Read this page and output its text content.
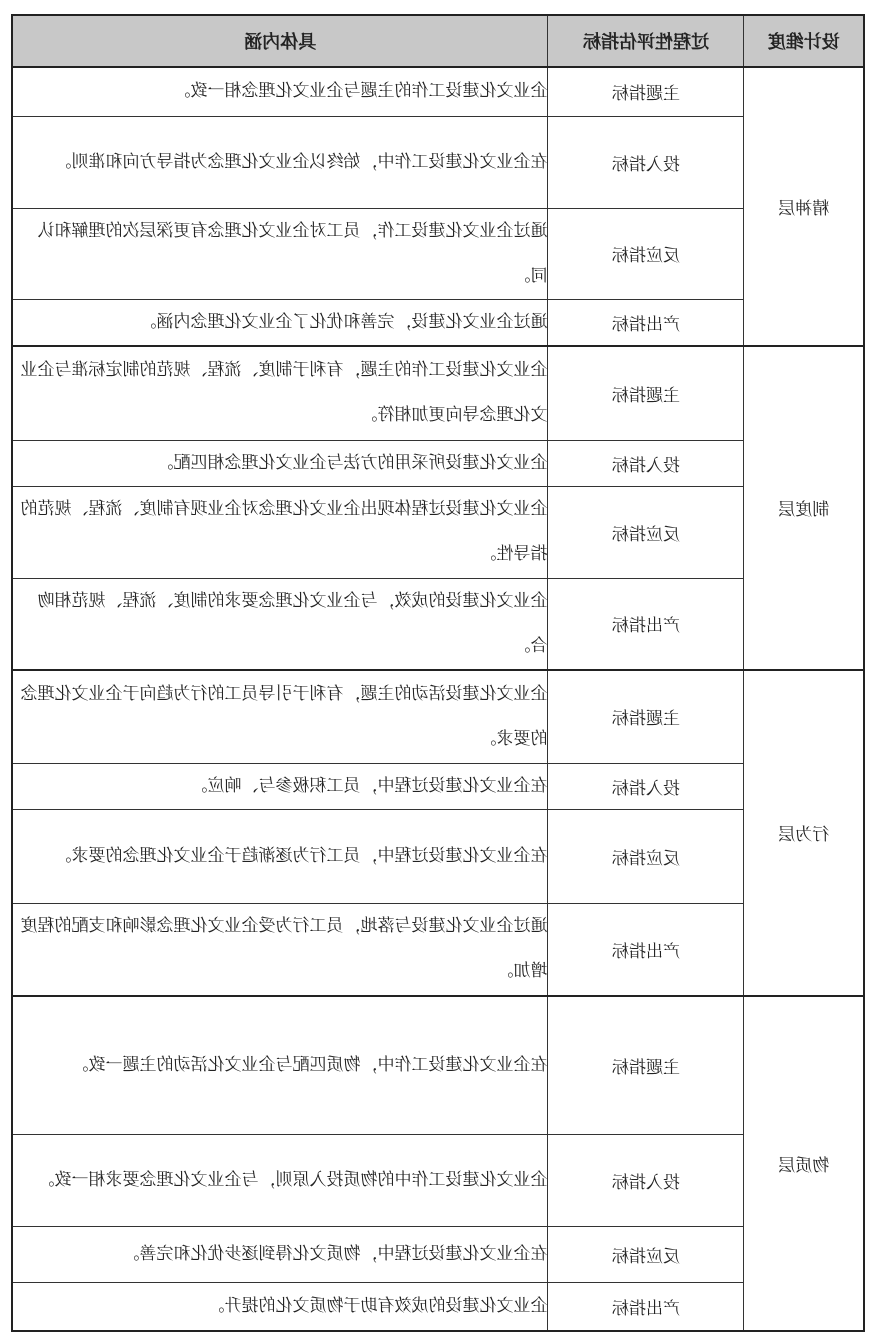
设计维度	过程性评估指标	具体内涵
精神层	主题指标	企业文化建设工作的主题与企业文化理念相一致。
	投入指标	在企业文化建设工作中，始终以企业文化理念为指导方向和准则。
	反应指标	通过企业文化建设工作，员工对企业文化理念有更深层次的理解和认同。
	产出指标	通过企业文化建设，完善和优化了企业文化理念内涵。
制度层	主题指标	企业文化建设工作的主题，有利于制度、流程、规范的制定标准与企业文化理念导向更加相符。
	投入指标	企业文化建设所采用的方法与企业文化理念相匹配。
	反应指标	企业文化建设过程体现出企业文化理念对企业现有制度、流程、规范的指导性。
	产出指标	企业文化建设的成效，与企业文化理念要求的制度、流程、规范相吻合。
行为层	主题指标	企业文化建设活动的主题，有利于引导员工的行为趋向于企业文化理念的要求。
	投入指标	在企业文化建设过程中，员工积极参与、响应。
	反应指标	在企业文化建设过程中，员工行为逐渐趋于企业文化理念的要求。
	产出指标	通过企业文化建设与落地，员工行为受企业文化理念影响和支配的程度增加。
物质层	主题指标	在企业文化建设工作中，物质匹配与企业文化活动的主题一致。
	投入指标	企业文化建设工作中的物质投入原则，与企业文化理念要求相一致。
	反应指标	在企业文化建设过程中，物质文化得到逐步优化和完善。
	产出指标	企业文化建设的成效有助于物质文化的提升。
